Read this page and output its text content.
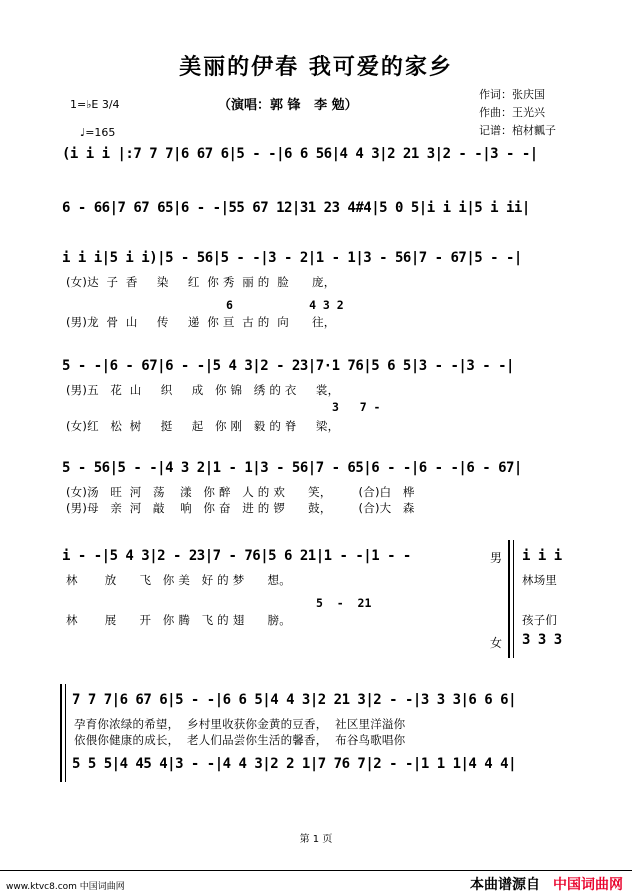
美丽的伊春 我可爱的家乡
（演唱：郭 锋   李 勉）
作词：张庆国
作曲：王光兴
记谱：棺材瓤子
1=♭E 3/4
♩=165
(i i i |:7 7 7|6 67 6|5 - -|6 6 56|4 4 3|2 21 3|2 - -|3 - -|
6 - 66|7 67 65|6 - -|55 67 12|31 23 4#4|5 0 5|i i i|5 i ii|
i i i|5 i i)|5 - 56|5 - -|3 - 2|1 - 1|3 - 56|7 - 67|5 - -|
(女)达  子  香     染     红  你 秀  丽 的  脸      庞，
6           4 3 2
(男)龙  骨  山     传     递  你 亘  古 的  向      往，
5 - -|6 - 67|6 - -|5 4 3|2 - 23|7·1 76|5 6 5|3 - -|3 - -|
(男)五   花  山     织     成   你 锦   绣 的 衣     裳，
3   7 -
(女)红   松  树     挺     起   你 刚   毅 的 脊     梁，
5 - 56|5 - -|4 3 2|1 - 1|3 - 56|7 - 65|6 - -|6 - -|6 - 67|
(女)汤   旺  河   荡    漾   你 醉   人 的 欢      笑，       (合)白   桦
(男)母   亲  河   敲    响   你 奋   进 的 锣      鼓，       (合)大   森
i - -|5 4 3|2 - 23|7 - 76|5 6 21|1 - -|1 - -	男 i i i
林场里
林       放      飞   你 美   好 的 梦      想。
5  -  21
林       展      开   你 腾   飞 的 翅      膀。	孩子们
女 3 3 3
7 7 7|6 67 6|5 - -|6 6 5|4 4 3|2 21 3|2 - -|3 3 3|6 6 6|
孕育你浓绿的希望，  乡村里收获你金黄的豆香，  社区里洋溢你
依偎你健康的成长，  老人们品尝你生活的馨香，  布谷鸟歌唱你
5 5 5|4 45 4|3 - -|4 4 3|2 2 1|7 76 7|2 - -|1 1 1|4 4 4|
第 1 页
www.ktvc8.com 中国词曲网	本曲谱源自 中国词曲网
